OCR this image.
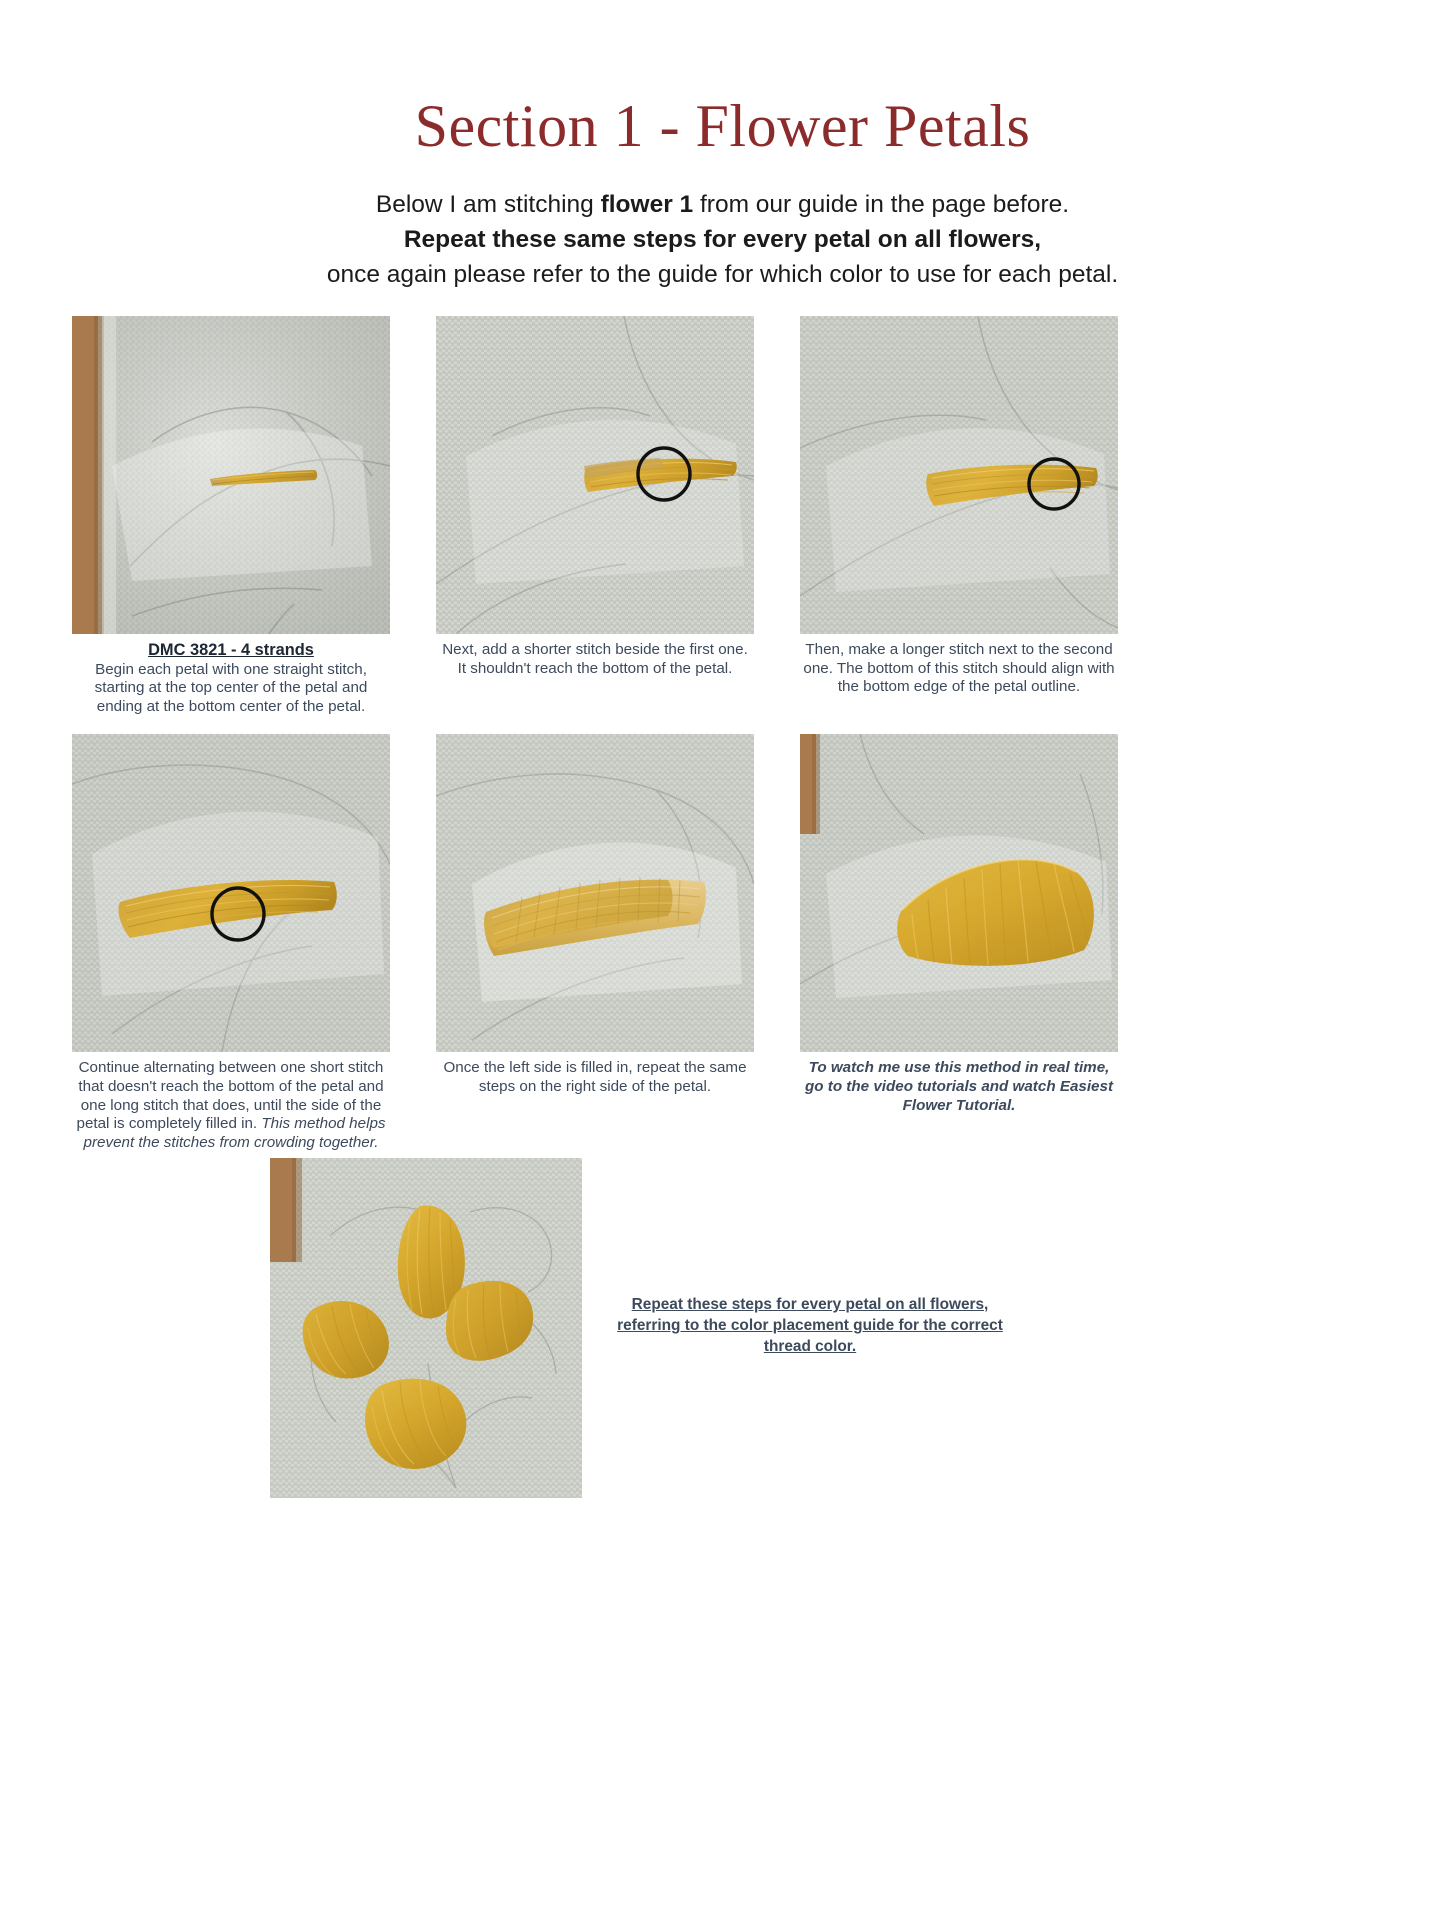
Section 1 - Flower Petals
Below I am stitching flower 1 from our guide in the page before.
Repeat these same steps for every petal on all flowers,
once again please refer to the guide for which color to use for each petal.
DMC 3821 - 4 strands
Begin each petal with one straight stitch, starting at the top center of the petal and ending at the bottom center of the petal.
Next, add a shorter stitch beside the first one. It shouldn't reach the bottom of the petal.
Then, make a longer stitch next to the second one. The bottom of this stitch should align with the bottom edge of the petal outline.
Continue alternating between one short stitch that doesn't reach the bottom of the petal and one long stitch that does, until the side of the petal is completely filled in. This method helps prevent the stitches from crowding together.
Once the left side is filled in, repeat the same steps on the right side of the petal.
To watch me use this method in real time, go to the video tutorials and watch Easiest Flower Tutorial.
Repeat these steps for every petal on all flowers, referring to the color placement guide for the correct thread color.
